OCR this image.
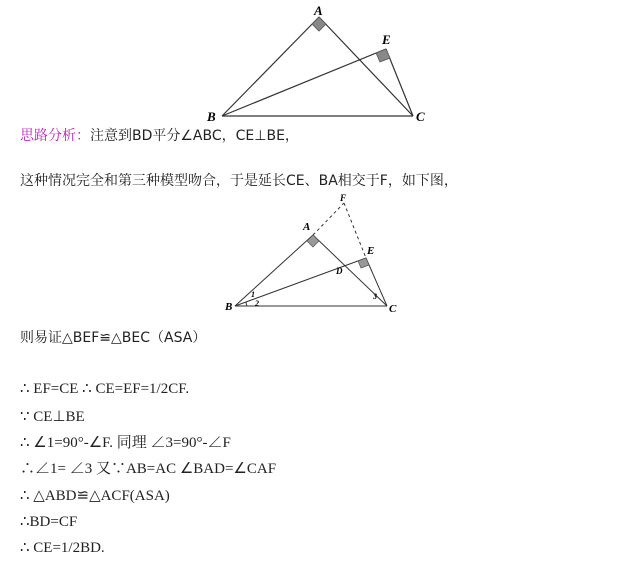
A
E
B	C
思路分析：注意到BD平分∠ABC，CE⊥BE，
这种情况完全和第三种模型吻合，于是延长CE、BA相交于F，如下图，
F
A
E
D
B	C
1
2
3
则易证△BEF≌△BEC（ASA）
∴ EF=CE ∴ CE=EF=1/2CF.
∵ CE⊥BE
∴ ∠1=90°-∠F. 同理 ∠3=90°-∠F
∴∠1= ∠3 又∵AB=AC ∠BAD=∠CAF
∴ △ABD≌△ACF(ASA)
∴BD=CF
∴ CE=1/2BD.
